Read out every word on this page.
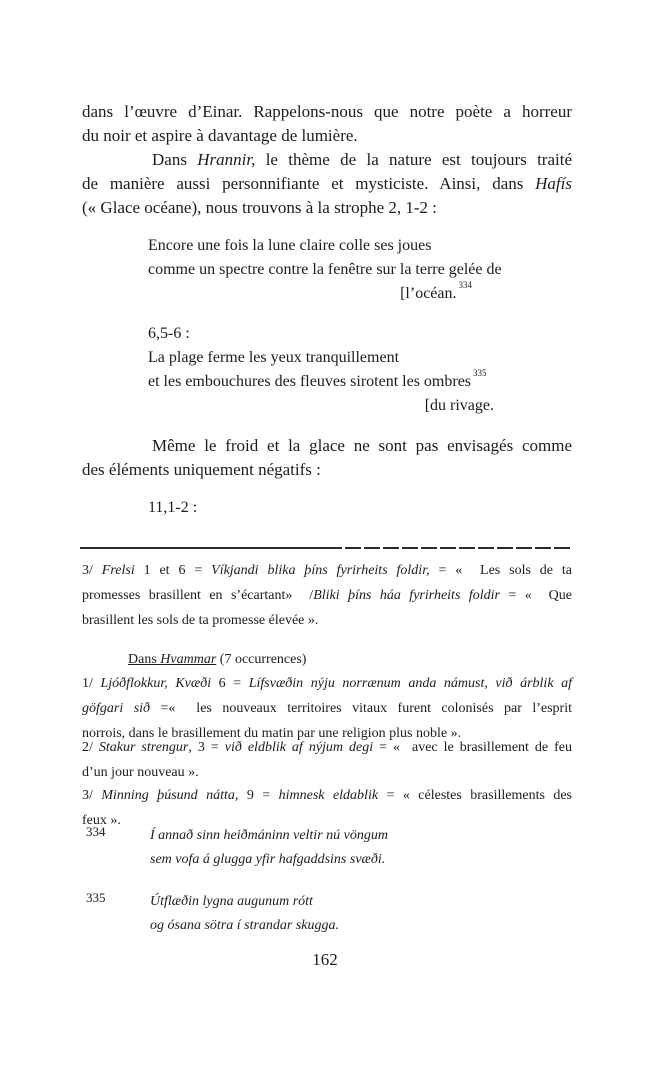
dans l’œuvre d’Einar. Rappelons-nous que notre poète a horreur
du noir et aspire à davantage de lumière.
Dans Hrannir, le thème de la nature est toujours traité
de manière aussi personnifiante et mysticiste. Ainsi, dans Hafís
(« Glace océane), nous trouvons à la strophe 2, 1-2 :
Encore une fois la lune claire colle ses joues
comme un spectre contre la fenêtre sur la terre gelée de
[l’océan.$^{334}$
6,5-6 :
La plage ferme les yeux tranquillement
et les embouchures des fleuves sirotent les ombres$^{335}$
[du rivage.
Même le froid et la glace ne sont pas envisagés comme
des éléments uniquement négatifs :
11,1-2 :
3/ Frelsi 1 et 6 = Víkjandi blika þíns fyrirheits foldir, = «  Les sols de ta
promesses brasillent en s’écartant»  /Bliki þíns háa fyrirheits foldir = «  Que
brasillent les sols de ta promesse élevée ».
Dans Hvammar (7 occurrences)
1/ Ljóðflokkur, Kvæði 6 = Lífsvæðin nýju norrænum anda námust, við árblik af
göfgari sið =«  les nouveaux territoires vitaux furent colonisés par l’esprit
norrois, dans le brasillement du matin par une religion plus noble ».
2/ Stakur strengur, 3 = við eldblik af nýjum degi = «  avec le brasillement de feu
d’un jour nouveau ».
3/ Minning þúsund nátta, 9 = himnesk eldablik = « célestes brasillements des
feux ».
334	Í annað sinn heiðmáninn veltir nú vöngum
sem vofa á glugga yfir hafgaddsins svæði.
335	Útflæðin lygna augunum rótt
og ósana sötra í strandar skugga.
162
